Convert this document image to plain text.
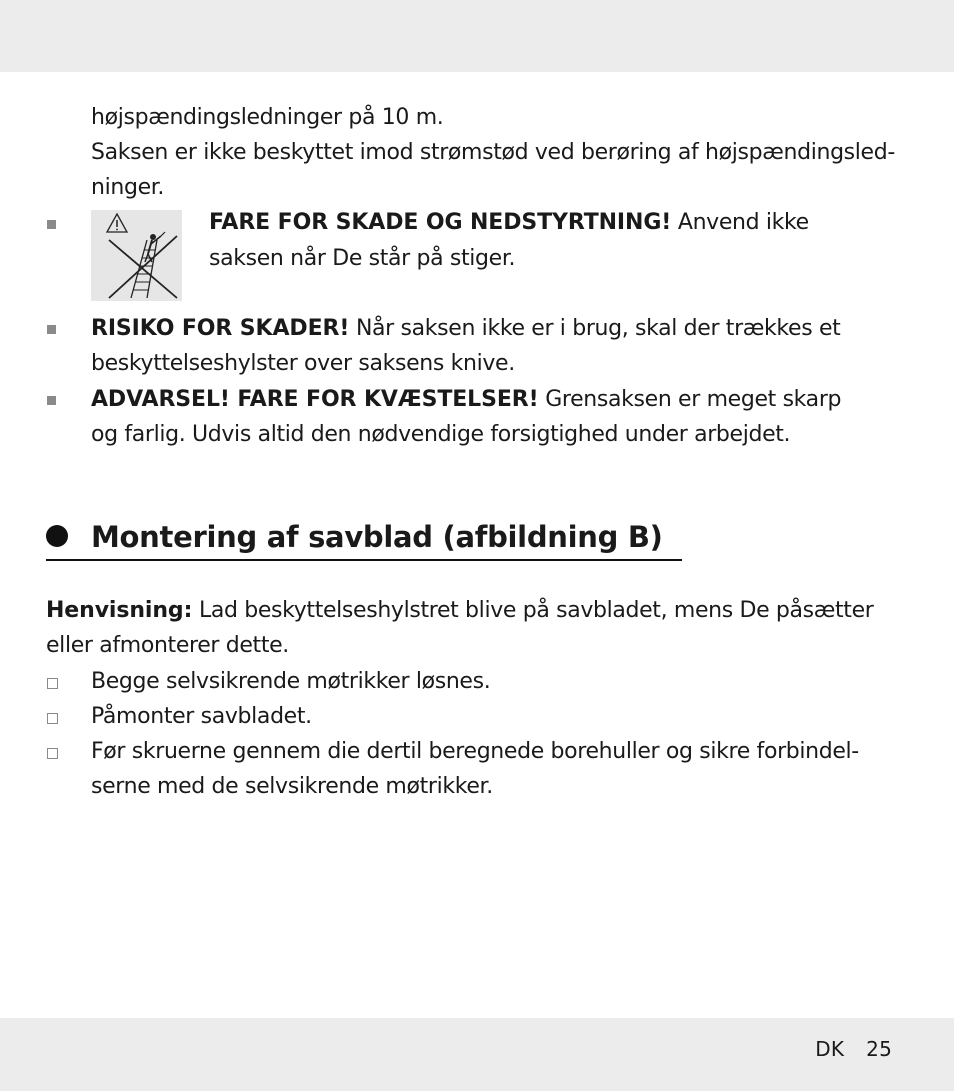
højspændingsledninger på 10 m.
Saksen er ikke beskyttet imod strømstød ved berøring af højspændingsled-
ninger.
FARE FOR SKADE OG NEDSTYRTNING! Anvend ikke
saksen når De står på stiger.
RISIKO FOR SKADER! Når saksen ikke er i brug, skal der trækkes et
beskyttelseshylster over saksens knive.
ADVARSEL! FARE FOR KVÆSTELSER! Grensaksen er meget skarp
og farlig. Udvis altid den nødvendige forsigtighed under arbejdet.
Montering af savblad (afbildning B)
Henvisning: Lad beskyttelseshylstret blive på savbladet, mens De påsætter
eller afmonterer dette.
Begge selvsikrende møtrikker løsnes.
Påmonter savbladet.
Før skruerne gennem die dertil beregnede borehuller og sikre forbindel-
serne med de selvsikrende møtrikker.
DK 25
